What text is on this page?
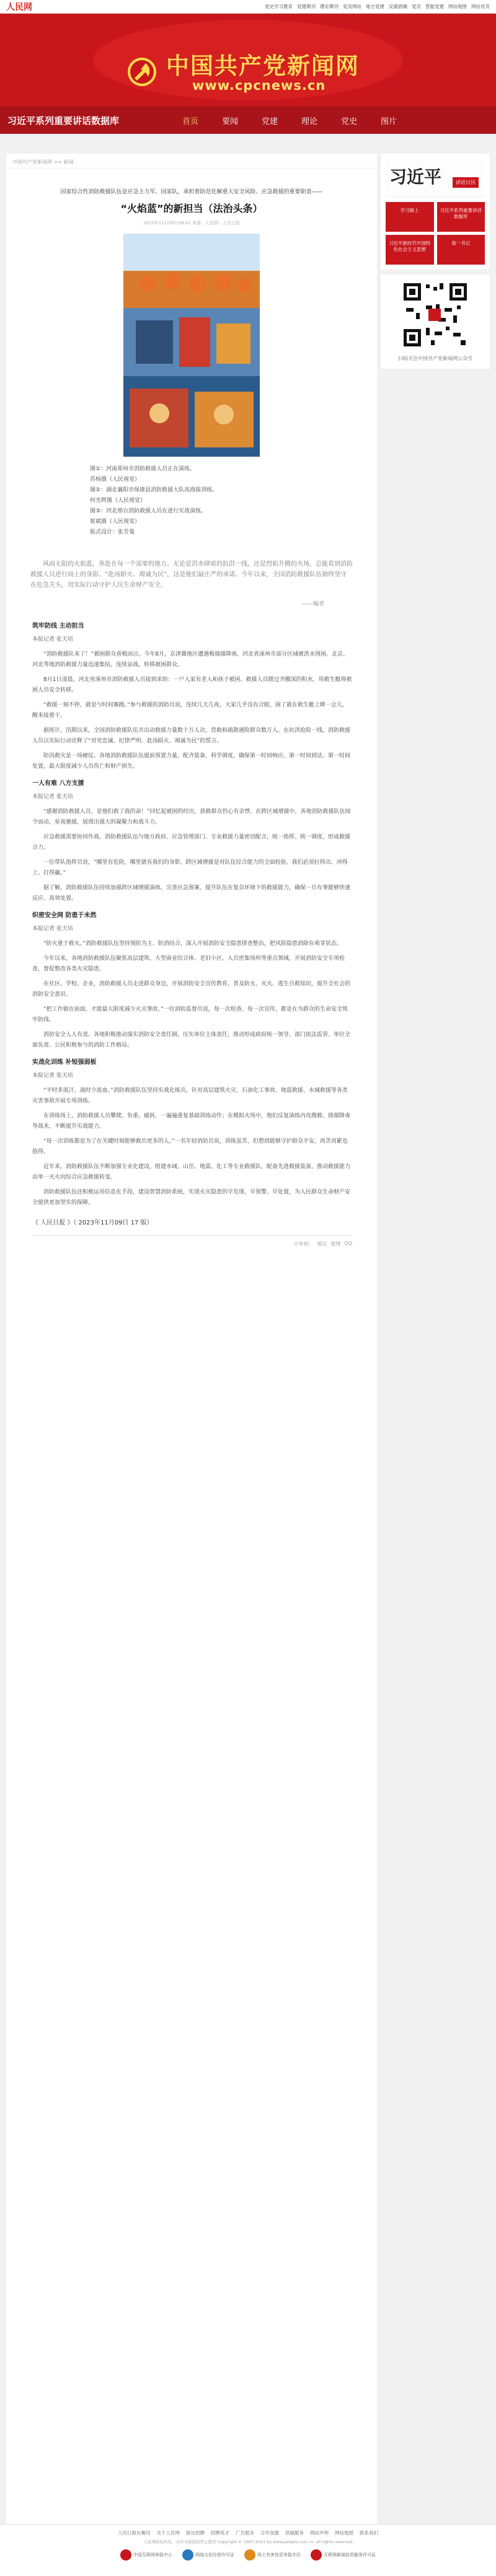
人民网	党史学习教育 党建期刊 理论期刊 党员网站 地方党建 反腐倡廉 党员 智能党建 网站地图 网站首页
中国共产党新闻网
www.cpcnews.cn
习近平系列重要讲话数据库	首页	要闻	党建	理论	党史	图片
中国共产党新闻网 >> 新闻
国家综合性消防救援队伍是应急主力军、国家队，承担着防范化解重大安全风险、应急救援的重要职责——
“火焰蓝”的新担当（法治头条）
2023年11月09日08:41 来源：人民网－人民日报

图①：河南郑州市消防救援人员正在演练。

苏杨摄（人民视觉）

图②：湖北襄阳市保康县消防救援大队高海拔训练。

何光辉摄（人民视觉）

图③：河北邢台消防救援人员在进行实战演练。

崔斌摄（人民视觉）

版式设计：张芳曼

风雨无阻的火焰蓝，奔赴在每一个需要的地方。无论是洪水肆虐的抗洪一线，还是烈焰升腾的火场，总能看到消防救援人员逆行而上的身影。“赴汤蹈火、竭诚为民”，这是他们最庄严的承诺。今年以来，全国消防救援队伍始终坚守在危急关头，用实际行动守护人民生命财产安全。
——编者
筑牢防线 主动担当
本报记者 张天培

“消防救援队来了！”被困群众喜极而泣。今年8月，京津冀地区遭遇极端强降雨，河北省涿州市部分区域被洪水围困。北京、河北等地消防救援力量迅速集结，连续奋战，转移被困群众。

8月1日凌晨，河北省涿州市消防救援人员接到求助：一户人家有老人和孩子被困。救援人员蹚过齐腰深的积水，用救生艇将被困人员安全转移。

“救援一刻不停，就是与时间赛跑。”参与救援的消防员说，连续几天几夜，大家几乎没有合眼，困了就在救生艇上眯一会儿，醒来接着干。

据统计，汛期以来，全国消防救援队伍共出动救援力量数十万人次，营救和疏散遇险群众数万人。在抗洪抢险一线，消防救援人员以实际行动诠释了“对党忠诚、纪律严明、赴汤蹈火、竭诚为民”的誓言。

防汛救灾是一场硬仗。各地消防救援队伍提前预置力量，配齐装备，科学调度，确保第一时间响应、第一时间到达、第一时间处置，最大限度减少人员伤亡和财产损失。

一人有难 八方支援
本报记者 张天培

“感谢消防救援人员，是他们救了我的命！”回忆起被困的经历，获救群众仍心有余悸。在跨区域增援中，各地消防救援队伍闻令而动，星夜驰援，展现出强大的凝聚力和战斗力。

应急救援需要协同作战。消防救援队伍与地方政府、应急管理部门、专业救援力量密切配合，统一指挥、统一调度，形成救援合力。

一位带队指挥员说，“哪里有危险，哪里就有我们的身影。跨区域增援是对队伍综合能力的全面检验，我们必须拉得出、冲得上、打得赢。”

据了解，消防救援队伍持续加强跨区域增援演练，完善应急预案，提升队伍在复杂环境下的救援能力，确保一旦有事能够快速反应、高效处置。

织密安全网 防患于未然
本报记者 张天培

“防火重于救火。”消防救援队伍坚持预防为主、防消结合，深入开展消防安全隐患排查整治，把风险隐患消除在萌芽状态。

今年以来，各地消防救援队伍聚焦高层建筑、大型商业综合体、老旧小区、人员密集场所等重点领域，开展消防安全专项检查，督促整改各类火灾隐患。

在社区、学校、企业，消防救援人员走进群众身边，开展消防安全宣传教育，普及防火、灭火、逃生自救知识，提升全社会的消防安全意识。

“把工作做在前面，才能最大限度减少火灾事故。”一位消防监督员说，每一次检查、每一次宣传，都是在为群众的生命安全筑牢防线。

消防安全人人有责。各地积极推动落实消防安全责任制，压实单位主体责任，推动形成政府统一领导、部门依法监管、单位全面负责、公民积极参与的消防工作格局。

实战化训练 补短强弱板
本报记者 张天培

“平时多流汗，战时少流血。”消防救援队伍坚持实战化练兵，针对高层建筑火灾、石油化工事故、地震救援、水域救援等各类灾害事故开展专项训练。

在训练场上，消防救援人员攀爬、负重、破拆，一遍遍重复基础训练动作；在模拟火场中，他们反复演练内攻搜救、排烟降毒等战术，不断提升实战能力。

“每一次训练都是为了在关键时刻能够救出更多的人。”一名年轻消防员说，训练虽苦，但想到能够守护群众平安，再苦再累也值得。

近年来，消防救援队伍不断加强专业化建设，组建水域、山岳、地震、化工等专业救援队，配备先进救援装备，推动救援能力由单一灭火向综合应急救援转变。

消防救援队伍还积极运用信息化手段，建设智慧消防系统，实现火灾隐患的早发现、早预警、早处置，为人民群众生命财产安全提供更加坚实的保障。

《 人民日报 》（ 2023年11月09日 17 版）
分享到： 微信 微博 QQ
习近平	讲话日历
学习路上	习近平系列重要讲话数据库
习近平新时代中国特色社会主义思想
第一书记
扫码关注中国共产党新闻网公众号
人民日报社概况 关于人民网 报社招聘 招聘英才 广告服务 合作加盟 供稿服务 网站声明 网站地图 联系我们
人民网版权所有，未经书面授权禁止使用 Copyright © 1997-2023 by www.people.com.cn. all rights reserved
中国互联网举报中心	网络文化经营许可证	网上有害信息举报专区	互联网新闻信息服务许可证
